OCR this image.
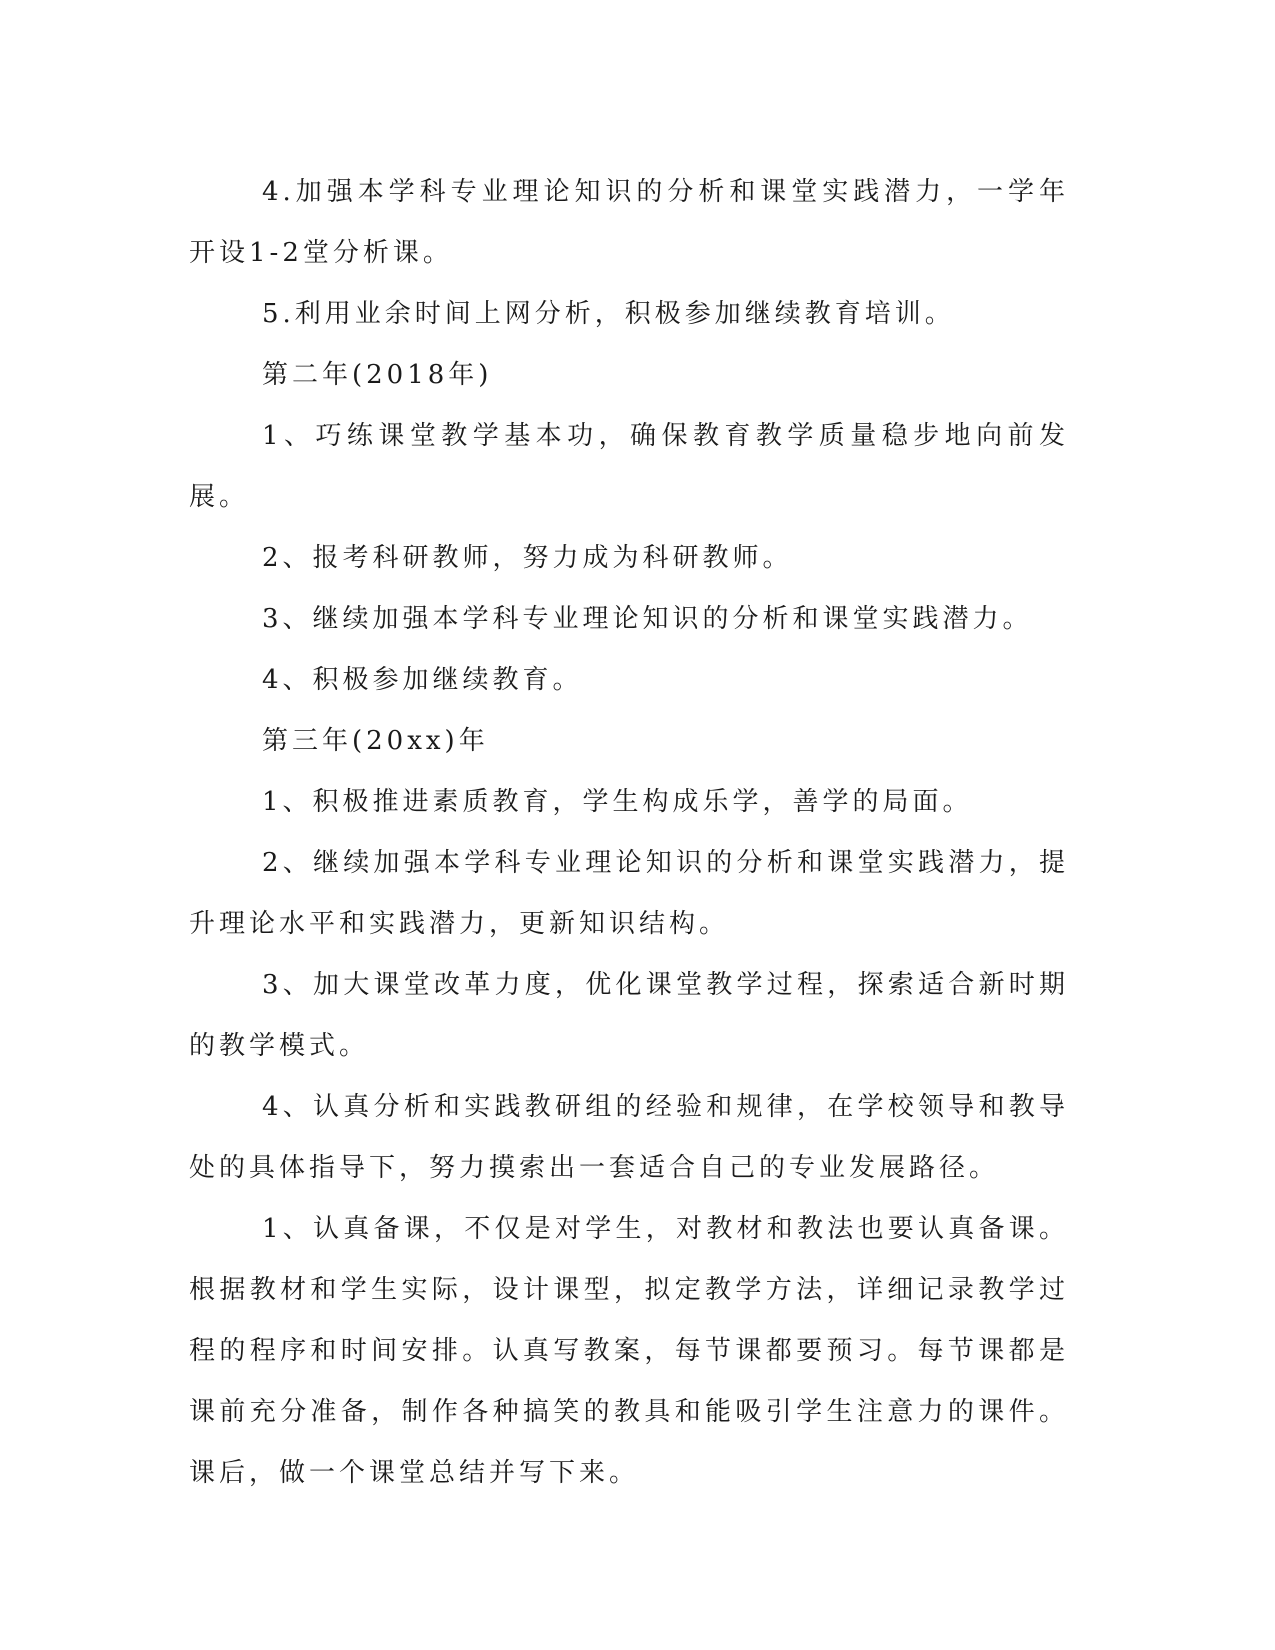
4.加强本学科专业理论知识的分析和课堂实践潜力，一学年开设1-2堂分析课。

5.利用业余时间上网分析，积极参加继续教育培训。

第二年(2018年)

1、巧练课堂教学基本功，确保教育教学质量稳步地向前发展。

2、报考科研教师，努力成为科研教师。

3、继续加强本学科专业理论知识的分析和课堂实践潜力。

4、积极参加继续教育。

第三年(20xx)年

1、积极推进素质教育，学生构成乐学，善学的局面。

2、继续加强本学科专业理论知识的分析和课堂实践潜力，提升理论水平和实践潜力，更新知识结构。

3、加大课堂改革力度，优化课堂教学过程，探索适合新时期的教学模式。

4、认真分析和实践教研组的经验和规律，在学校领导和教导处的具体指导下，努力摸索出一套适合自己的专业发展路径。

1、认真备课，不仅是对学生，对教材和教法也要认真备课。根据教材和学生实际，设计课型，拟定教学方法，详细记录教学过程的程序和时间安排。认真写教案，每节课都要预习。每节课都是课前充分准备，制作各种搞笑的教具和能吸引学生注意力的课件。课后，做一个课堂总结并写下来。
